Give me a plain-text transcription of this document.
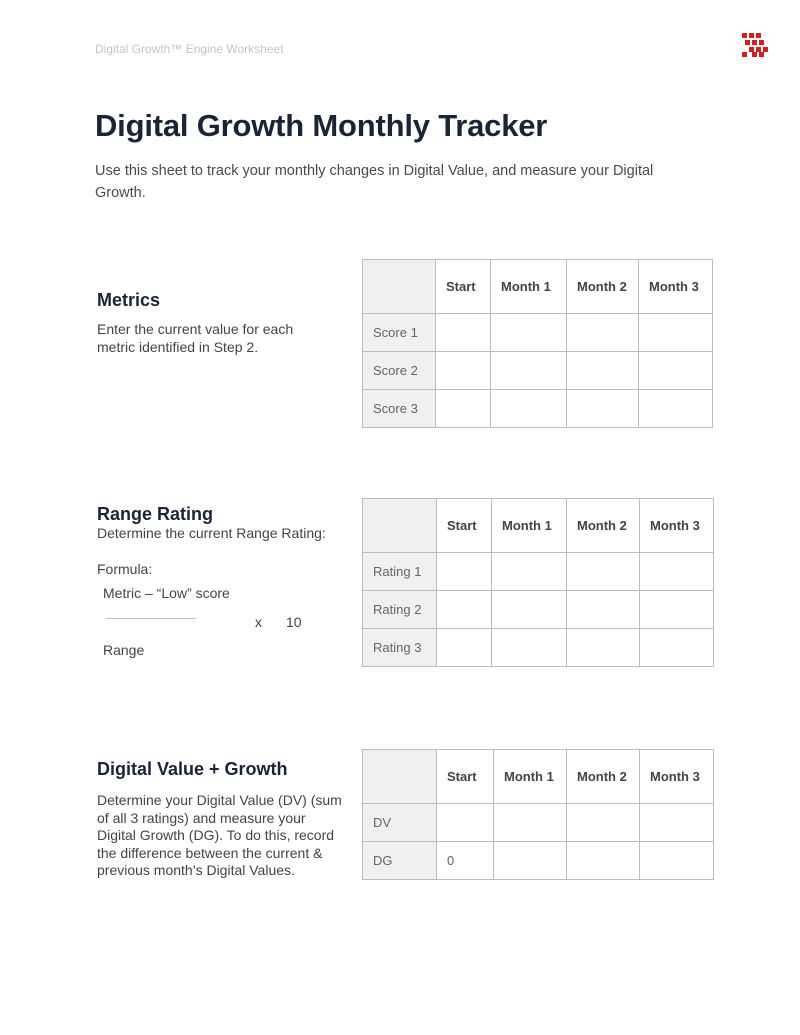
Digital Growth™ Engine Worksheet
Digital Growth Monthly Tracker

Use this sheet to track your monthly changes in Digital Value, and measure your Digital Growth.

Metrics
Enter the current value for each metric identified in Step 2.
	Start	Month 1	Month 2	Month 3
Score 1				
Score 2				
Score 3				
Range Rating
Determine the current Range Rating:
Formula:
Metric – “Low” score
x 10
Range
	Start	Month 1	Month 2	Month 3
Rating 1				
Rating 2				
Rating 3				
Digital Value + Growth
Determine your Digital Value (DV) (sum of all 3 ratings) and measure your Digital Growth (DG). To do this, record the difference between the current & previous month’s Digital Values.
	Start	Month 1	Month 2	Month 3
DV				
DG	0			
